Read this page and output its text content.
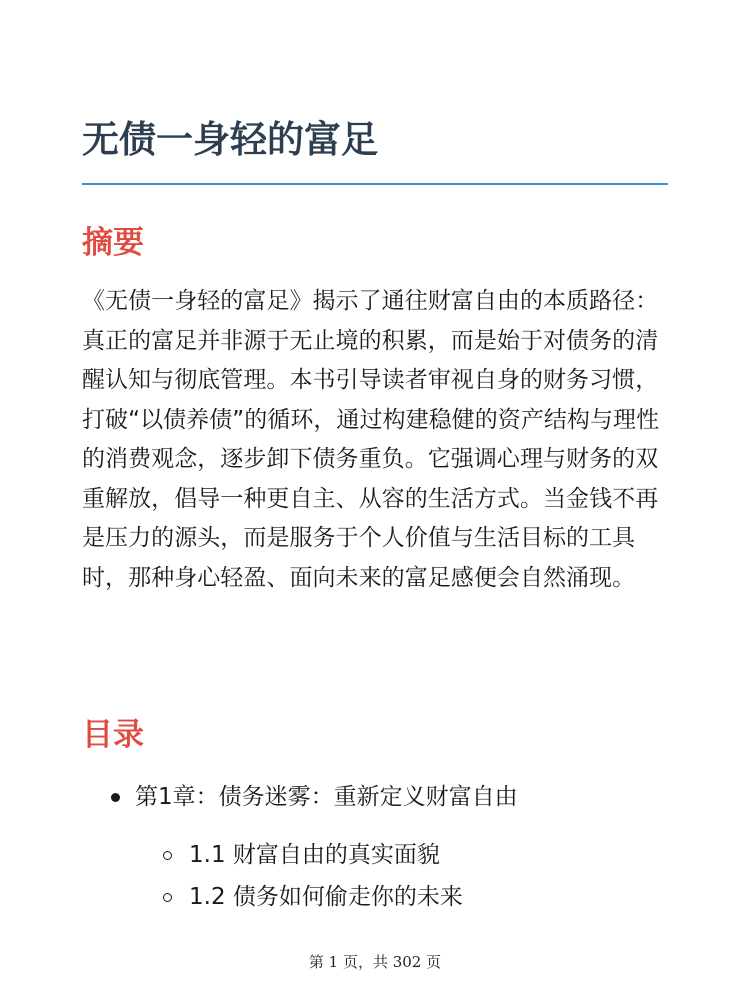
无债一身轻的富足
摘要

《无债一身轻的富足》揭示了通往财富自由的本质路径：真正的富足并非源于无止境的积累，而是始于对债务的清醒认知与彻底管理。本书引导读者审视自身的财务习惯，打破“以债养债”的循环，通过构建稳健的资产结构与理性的消费观念，逐步卸下债务重负。它强调心理与财务的双重解放，倡导一种更自主、从容的生活方式。当金钱不再是压力的源头，而是服务于个人价值与生活目标的工具时，那种身心轻盈、面向未来的富足感便会自然涌现。

目录
第1章：债务迷雾：重新定义财富自由
1.1 财富自由的真实面貌
1.2 债务如何偷走你的未来
第 1 页，共 302 页
